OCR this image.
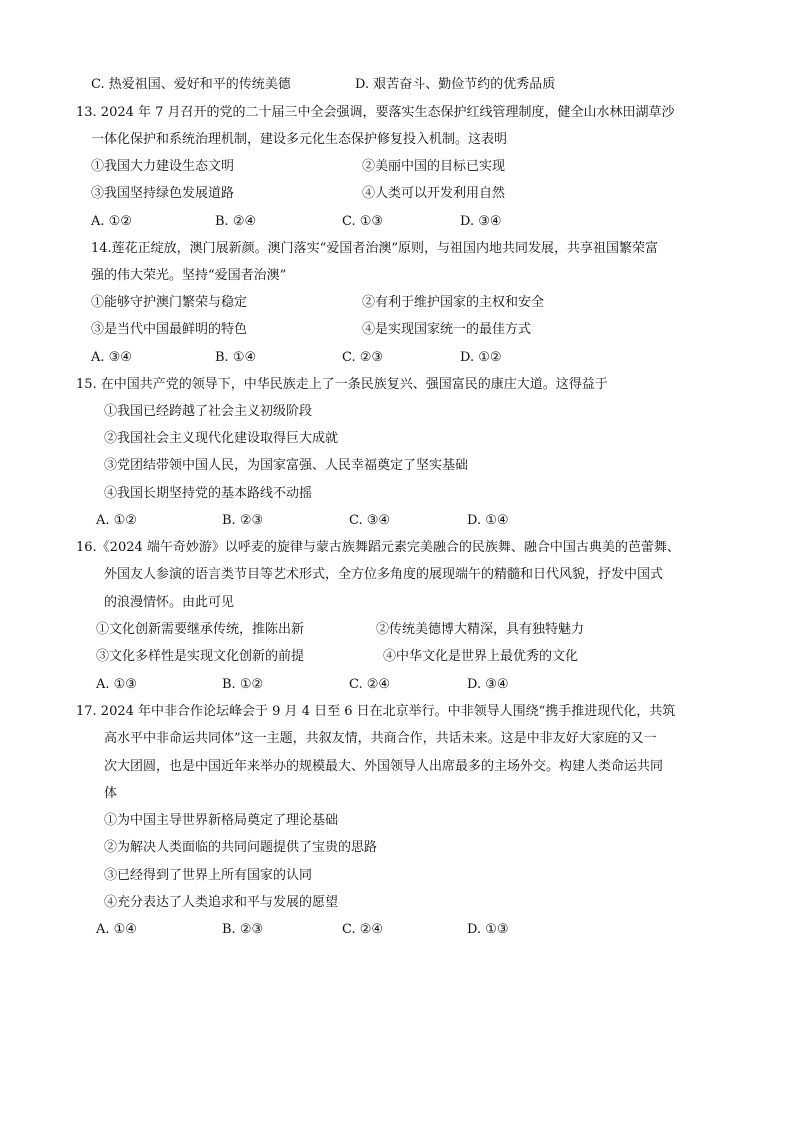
C. 热爱祖国、爱好和平的传统美德	D. 艰苦奋斗、勤俭节约的优秀品质
13. 2024 年 7 月召开的党的二十届三中全会强调，要落实生态保护红线管理制度，健全山水林田湖草沙
一体化保护和系统治理机制，建设多元化生态保护修复投入机制。这表明
①我国大力建设生态文明	②美丽中国的目标已实现
③我国坚持绿色发展道路	④人类可以开发利用自然
A. ①②	B. ②④	C. ①③	D. ③④
14.莲花正绽放，澳门展新颜。澳门落实“爱国者治澳”原则，与祖国内地共同发展，共享祖国繁荣富
强的伟大荣光。坚持“爱国者治澳”
①能够守护澳门繁荣与稳定	②有利于维护国家的主权和安全
③是当代中国最鲜明的特色	④是实现国家统一的最佳方式
A. ③④	B. ①④	C. ②③	D. ①②
15. 在中国共产党的领导下，中华民族走上了一条民族复兴、强国富民的康庄大道。这得益于
①我国已经跨越了社会主义初级阶段
②我国社会主义现代化建设取得巨大成就
③党团结带领中国人民，为国家富强、人民幸福奠定了坚实基础
④我国长期坚持党的基本路线不动摇
A. ①②	B. ②③	C. ③④	D. ①④
16.《2024 端午奇妙游》以呼麦的旋律与蒙古族舞蹈元素完美融合的民族舞、融合中国古典美的芭蕾舞、
外国友人参演的语言类节目等艺术形式，全方位多角度的展现端午的精髓和日代风貌，抒发中国式
的浪漫情怀。由此可见
①文化创新需要继承传统，推陈出新	②传统美德博大精深，具有独特魅力
③文化多样性是实现文化创新的前提	④中华文化是世界上最优秀的文化
A. ①③	B. ①②	C. ②④	D. ③④
17. 2024 年中非合作论坛峰会于 9 月 4 日至 6 日在北京举行。中非领导人围绕“携手推进现代化，共筑
高水平中非命运共同体”这一主题，共叙友情，共商合作，共话未来。这是中非友好大家庭的又一
次大团圆，也是中国近年来举办的规模最大、外国领导人出席最多的主场外交。构建人类命运共同
体
①为中国主导世界新格局奠定了理论基础
②为解决人类面临的共同问题提供了宝贵的思路
③已经得到了世界上所有国家的认同
④充分表达了人类追求和平与发展的愿望
A. ①④	B. ②③	C. ②④	D. ①③
